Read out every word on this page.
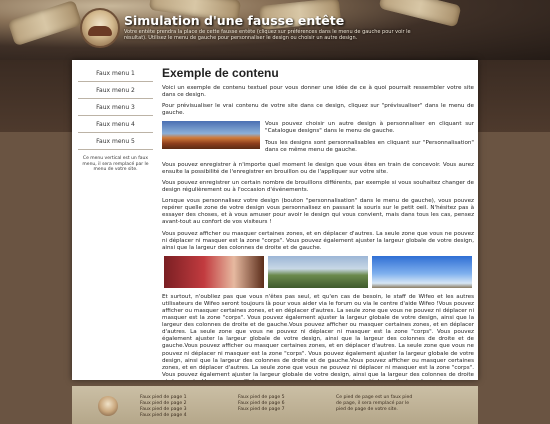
Simulation d'une fausse entête
Votre entête prendra la place de cette fausse entête (cliquez sur préférences dans le menu de gauche pour voir le résultat). Utilisez le menu de gauche pour personnaliser le design ou choisir un autre design.
Faux menu 1
Faux menu 2
Faux menu 3
Faux menu 4
Faux menu 5
Ce menu vertical est un faux menu, il sera remplacé par le menu de votre site.
Exemple de contenu

Voici un exemple de contenu textuel pour vous donner une idée de ce à quoi pourrait ressembler votre site dans ce design.

Pour prévisualiser le vrai contenu de votre site dans ce design, cliquez sur "prévisualiser" dans le menu de gauche.

Vous pouvez choisir un autre design à personnaliser en cliquant sur "Catalogue designs" dans le menu de gauche.

Tous les designs sont personnalisables en cliquant sur "Personnalisation" dans ce même menu de gauche.

Vous pouvez enregistrer à n'importe quel moment le design que vous êtes en train de concevoir. Vous aurez ensuite la possibilité de l'enregistrer en brouillon ou de l'appliquer sur votre site.

Vous pouvez enregistrer un certain nombre de brouillons différents, par exemple si vous souhaitez changer de design régulièrement ou à l'occasion d'événements.

Lorsque vous personnalisez votre design (bouton "personnalisation" dans le menu de gauche), vous pouvez repérer quelle zone de votre design vous personnalisez en passant la souris sur le petit oeil. N'hésitez pas à essayer des choses, et à vous amuser pour avoir le design qui vous convient, mais dans tous les cas, pensez avant-tout au confort de vos visiteurs !

Vous pouvez afficher ou masquer certaines zones, et en déplacer d'autres. La seule zone que vous ne pouvez ni déplacer ni masquer est la zone "corps". Vous pouvez également ajuster la largeur globale de votre design, ainsi que la largeur des colonnes de droite et de gauche.

Et surtout, n'oubliez pas que vous n'êtes pas seul, et qu'en cas de besoin, le staff de Wifeo et les autres utilisateurs de Wifeo seront toujours là pour vous aider via le forum ou via le centre d'aide Wifeo !Vous pouvez afficher ou masquer certaines zones, et en déplacer d'autres. La seule zone que vous ne pouvez ni déplacer ni masquer est la zone "corps". Vous pouvez également ajuster la largeur globale de votre design, ainsi que la largeur des colonnes de droite et de gauche.Vous pouvez afficher ou masquer certaines zones, et en déplacer d'autres. La seule zone que vous ne pouvez ni déplacer ni masquer est la zone "corps". Vous pouvez également ajuster la largeur globale de votre design, ainsi que la largeur des colonnes de droite et de gauche.Vous pouvez afficher ou masquer certaines zones, et en déplacer d'autres. La seule zone que vous ne pouvez ni déplacer ni masquer est la zone "corps". Vous pouvez également ajuster la largeur globale de votre design, ainsi que la largeur des colonnes de droite et de gauche.Vous pouvez afficher ou masquer certaines zones, et en déplacer d'autres. La seule zone que vous ne pouvez ni déplacer ni masquer est la zone "corps". Vous pouvez également ajuster la largeur globale de votre design, ainsi que la largeur des colonnes de droite

Faux pied de page 1
Faux pied de page 2
Faux pied de page 3
Faux pied de page 4
Faux pied de page 5
Faux pied de page 6
Faux pied de page 7
Ce pied de page est un faux pied de page, il sera remplacé par le pied de page de votre site.
